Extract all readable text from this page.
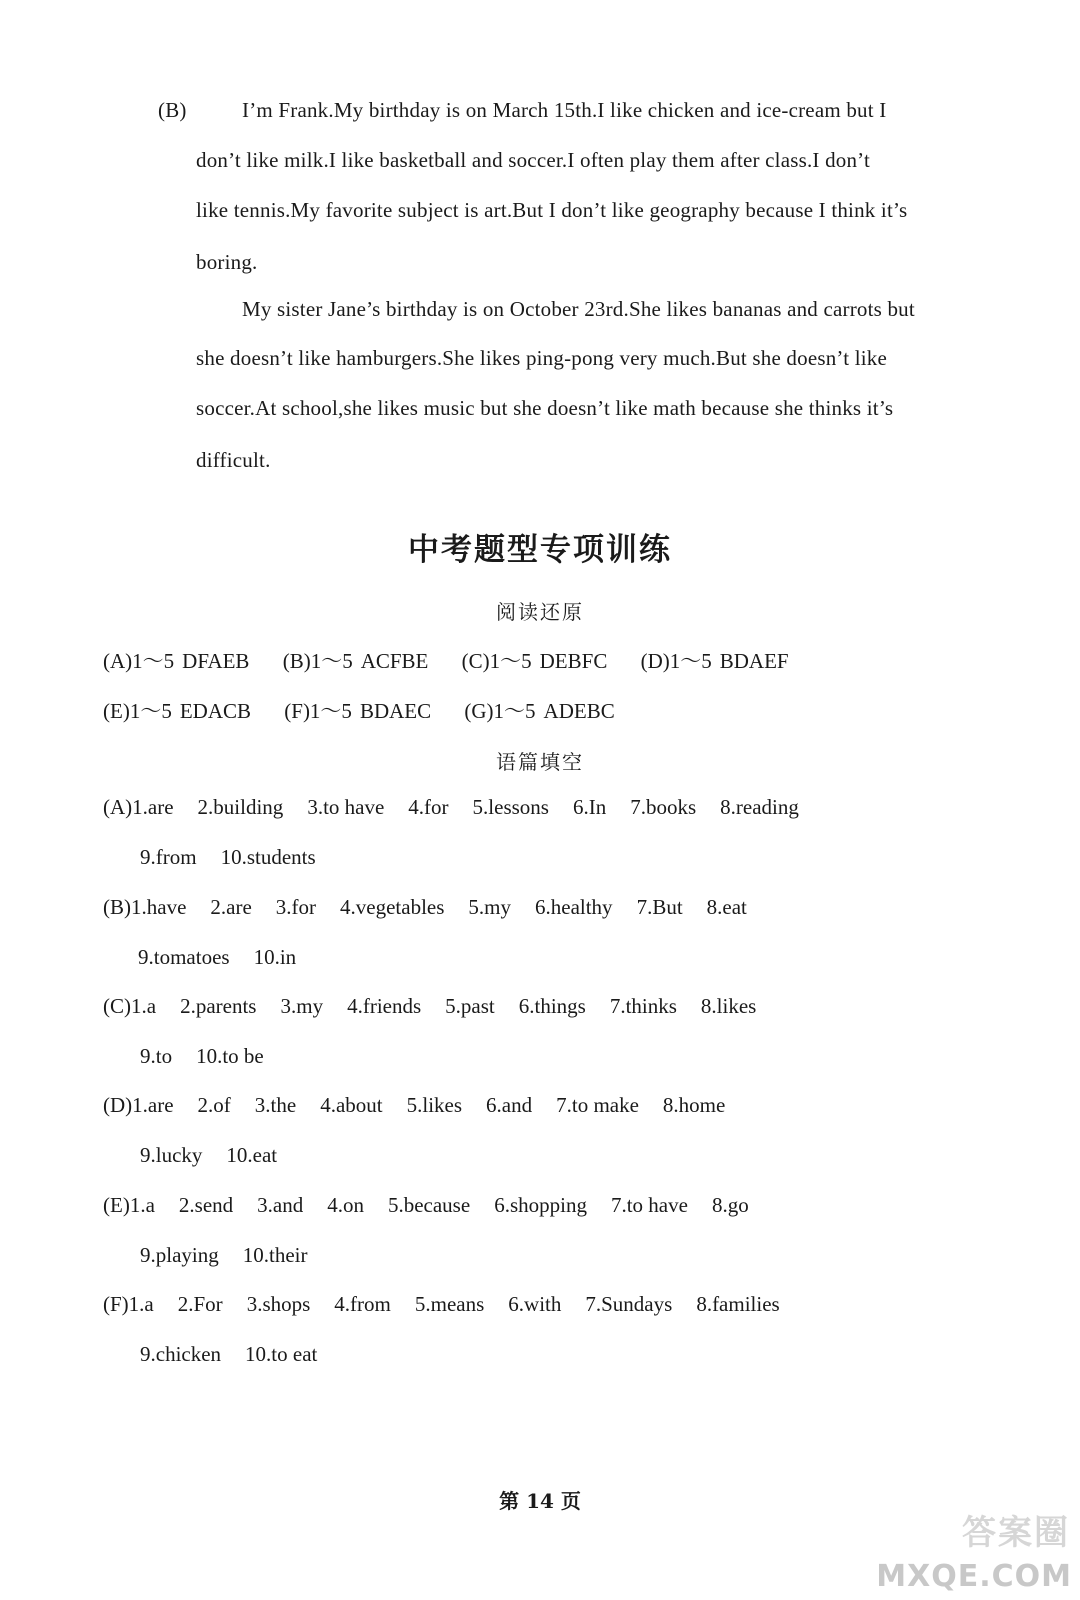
(B)	I’m Frank.My birthday is on March 15th.I like chicken and ice-cream but I
don’t like milk.I like basketball and soccer.I often play them after class.I don’t
like tennis.My favorite subject is art.But I don’t like geography because I think it’s
boring.
My sister Jane’s birthday is on October 23rd.She likes bananas and carrots but
she doesn’t like hamburgers.She likes ping-pong very much.But she doesn’t like
soccer.At school,she likes music but she doesn’t like math because she thinks it’s
difficult.
中考题型专项训练
阅读还原
(A)1～5 DFAEB (B)1～5 ACFBE (C)1～5 DEBFC (D)1～5 BDAEF
(E)1～5 EDACB (F)1～5 BDAEC (G)1～5 ADEBC
语篇填空
(A)1.are 2.building 3.to have 4.for 5.lessons 6.In 7.books 8.reading
9.from 10.students
(B)1.have 2.are 3.for 4.vegetables 5.my 6.healthy 7.But 8.eat
9.tomatoes 10.in
(C)1.a 2.parents 3.my 4.friends 5.past 6.things 7.thinks 8.likes
9.to 10.to be
(D)1.are 2.of 3.the 4.about 5.likes 6.and 7.to make 8.home
9.lucky 10.eat
(E)1.a 2.send 3.and 4.on 5.because 6.shopping 7.to have 8.go
9.playing 10.their
(F)1.a 2.For 3.shops 4.from 5.means 6.with 7.Sundays 8.families
9.chicken 10.to eat
第 14 页
答案圈
MXQE.COM
